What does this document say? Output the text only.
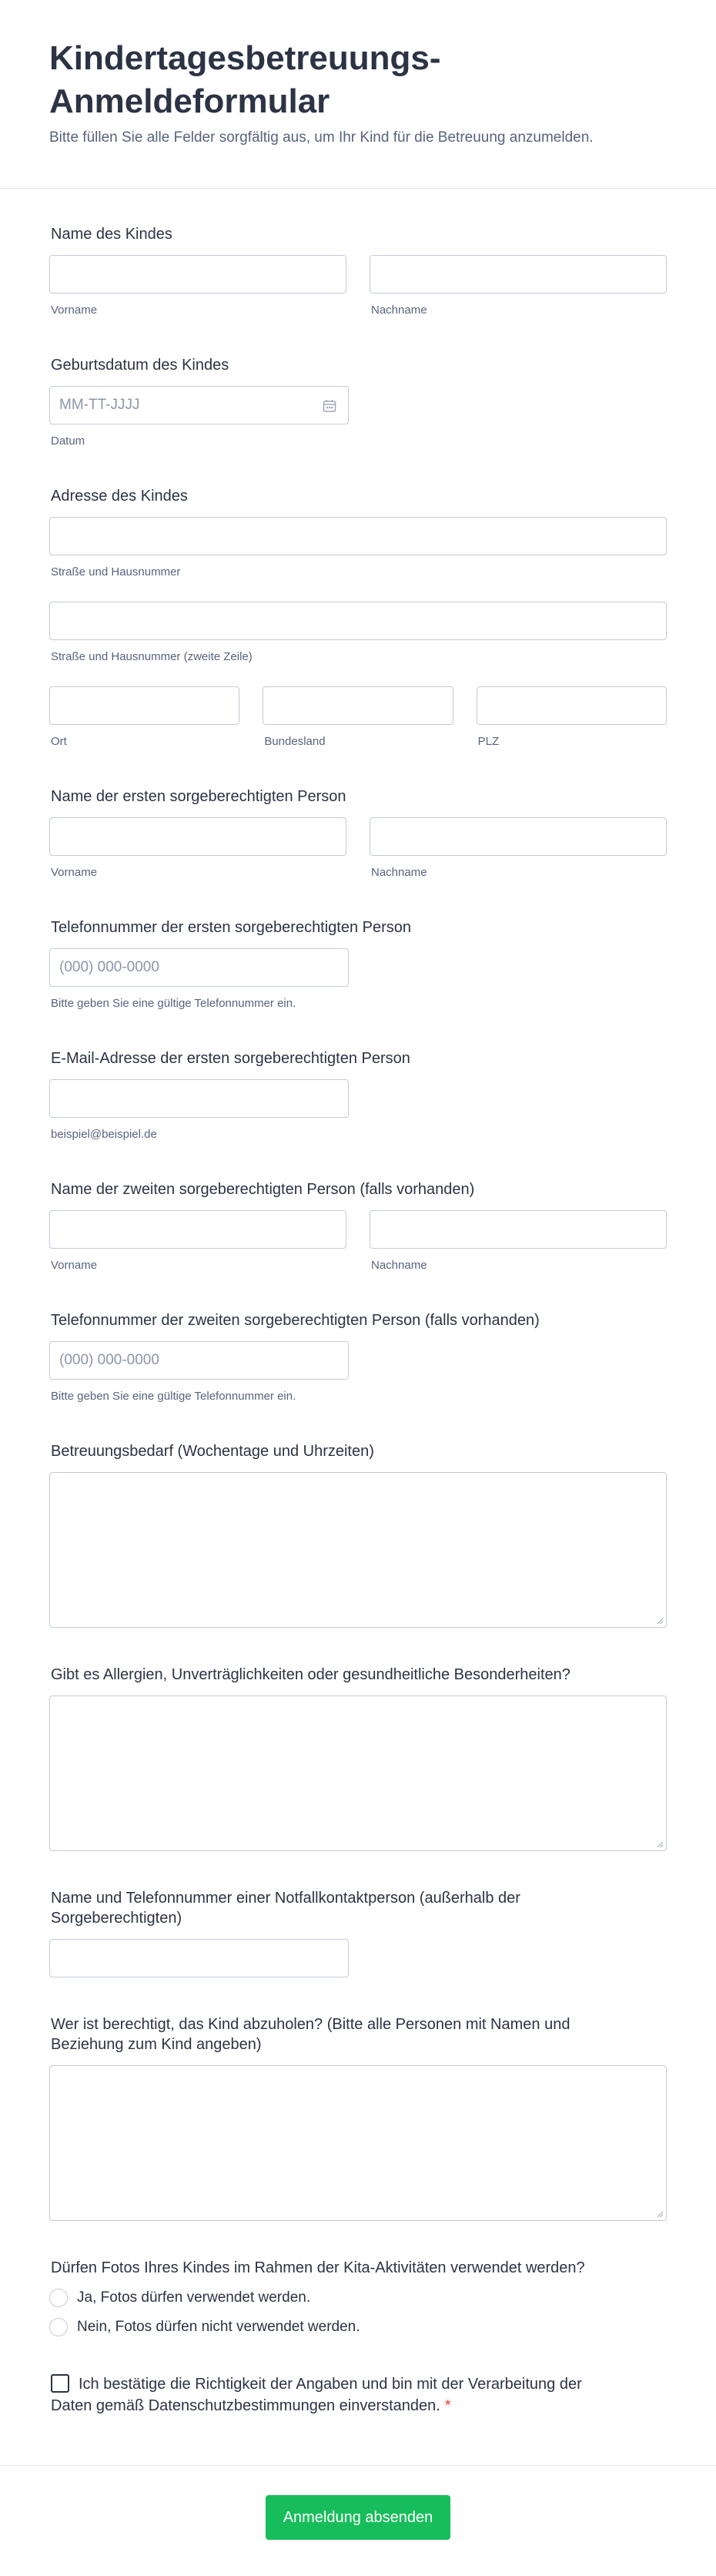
Kindertagesbetreuungs-Anmeldeformular

Bitte füllen Sie alle Felder sorgfältig aus, um Ihr Kind für die Betreuung anzumelden.

Name des Kindes
Vorname	Nachname
Geburtsdatum des Kindes
MM-TT-JJJJ
Datum
Adresse des Kindes
Straße und Hausnummer
Straße und Hausnummer (zweite Zeile)
Ort	Bundesland	PLZ
Name der ersten sorgeberechtigten Person
Vorname	Nachname
Telefonnummer der ersten sorgeberechtigten Person
(000) 000-0000
Bitte geben Sie eine gültige Telefonnummer ein.
E-Mail-Adresse der ersten sorgeberechtigten Person
beispiel@beispiel.de
Name der zweiten sorgeberechtigten Person (falls vorhanden)
Vorname	Nachname
Telefonnummer der zweiten sorgeberechtigten Person (falls vorhanden)
(000) 000-0000
Bitte geben Sie eine gültige Telefonnummer ein.
Betreuungsbedarf (Wochentage und Uhrzeiten)
Gibt es Allergien, Unverträglichkeiten oder gesundheitliche Besonderheiten?
Name und Telefonnummer einer Notfallkontaktperson (außerhalb der Sorgeberechtigten)
Wer ist berechtigt, das Kind abzuholen? (Bitte alle Personen mit Namen und Beziehung zum Kind angeben)
Dürfen Fotos Ihres Kindes im Rahmen der Kita-Aktivitäten verwendet werden?
Ja, Fotos dürfen verwendet werden.
Nein, Fotos dürfen nicht verwendet werden.
Ich bestätige die Richtigkeit der Angaben und bin mit der Verarbeitung der Daten gemäß Datenschutzbestimmungen einverstanden. *
Anmeldung absenden
